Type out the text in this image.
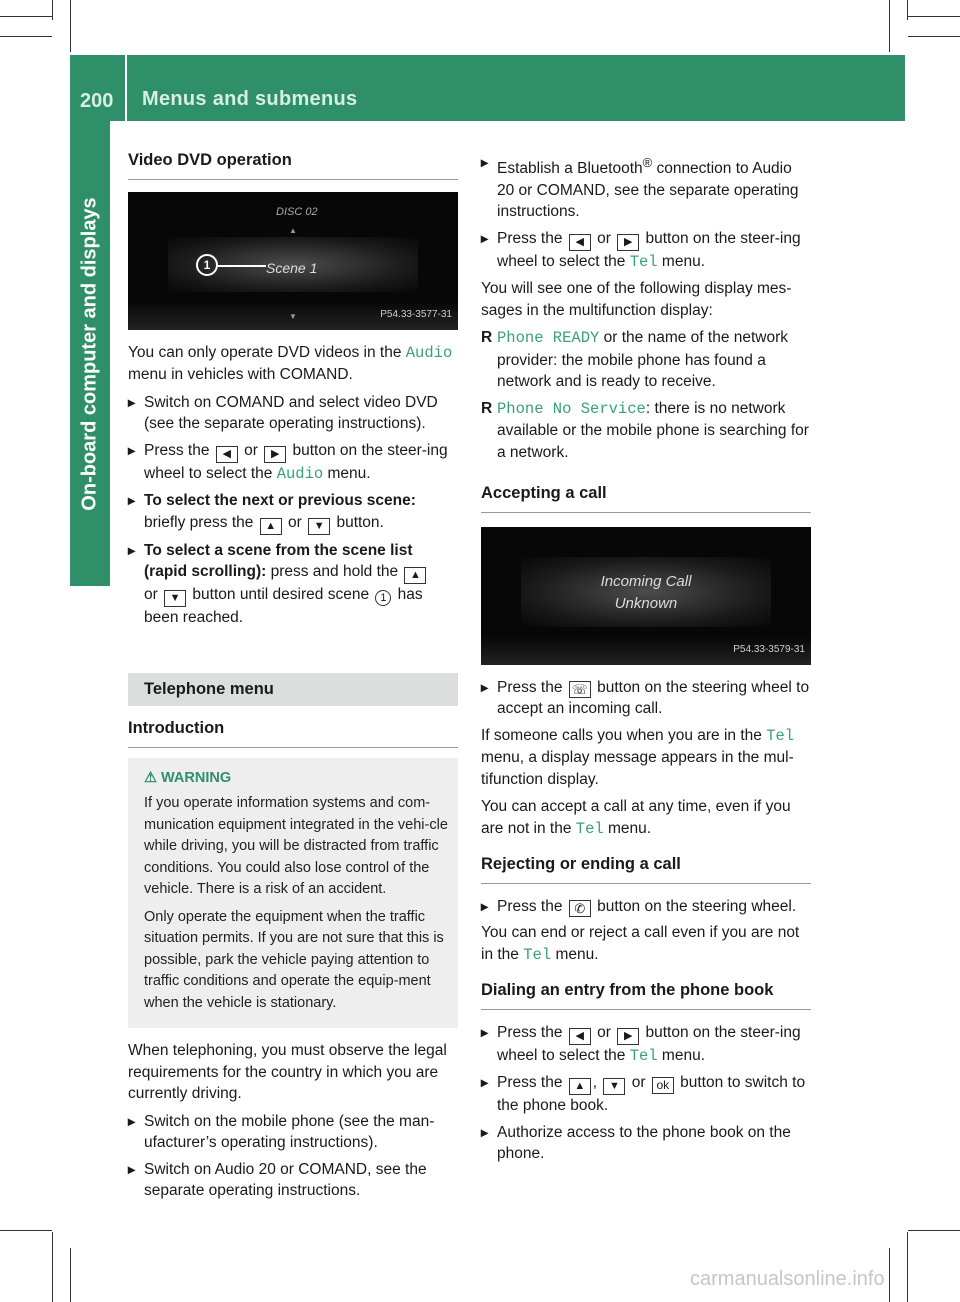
200 Menus and submenus
On-board computer and displays
Video DVD operation
DISC 02
▲
Scene 1
▼
1
P54.33-3577-31

You can only operate DVD videos in the Audio menu in vehicles with COMAND.

▸ Switch on COMAND and select video DVD (see the separate operating instructions).
▸ Press the ◀ or ▶ button on the steer-ing wheel to select the Audio menu.
▸ To select the next or previous scene:
briefly press the ▲ or ▼ button.
▸ To select a scene from the scene list (rapid scrolling): press and hold the ▲
or ▼ button until desired scene 1 has been reached.
Telephone menu
Introduction
⚠ WARNING

If you operate information systems and com-munication equipment integrated in the vehi-cle while driving, you will be distracted from traffic conditions. You could also lose control of the vehicle. There is a risk of an accident.

Only operate the equipment when the traffic situation permits. If you are not sure that this is possible, park the vehicle paying attention to traffic conditions and operate the equip-ment when the vehicle is stationary.

When telephoning, you must observe the legal requirements for the country in which you are currently driving.

▸ Switch on the mobile phone (see the man-ufacturer’s operating instructions).
▸ Switch on Audio 20 or COMAND, see the separate operating instructions.
▸ Establish a Bluetooth® connection to Audio 20 or COMAND, see the separate operating instructions.
▸ Press the ◀ or ▶ button on the steer-ing wheel to select the Tel menu.

You will see one of the following display mes-sages in the multifunction display:

R Phone READY or the name of the network provider: the mobile phone has found a network and is ready to receive.
R Phone No Service: there is no network available or the mobile phone is searching for a network.
Accepting a call
Incoming Call
Unknown
P54.33-3579-31
▸ Press the ☏ button on the steering wheel to accept an incoming call.

If someone calls you when you are in the Tel menu, a display message appears in the mul-tifunction display.

You can accept a call at any time, even if you are not in the Tel menu.

Rejecting or ending a call
▸ Press the ✆ button on the steering wheel.

You can end or reject a call even if you are not in the Tel menu.

Dialing an entry from the phone book
▸ Press the ◀ or ▶ button on the steer-ing wheel to select the Tel menu.
▸ Press the ▲ , ▼ or ok button to switch to the phone book.
▸ Authorize access to the phone book on the phone.
carmanualsonline.info
